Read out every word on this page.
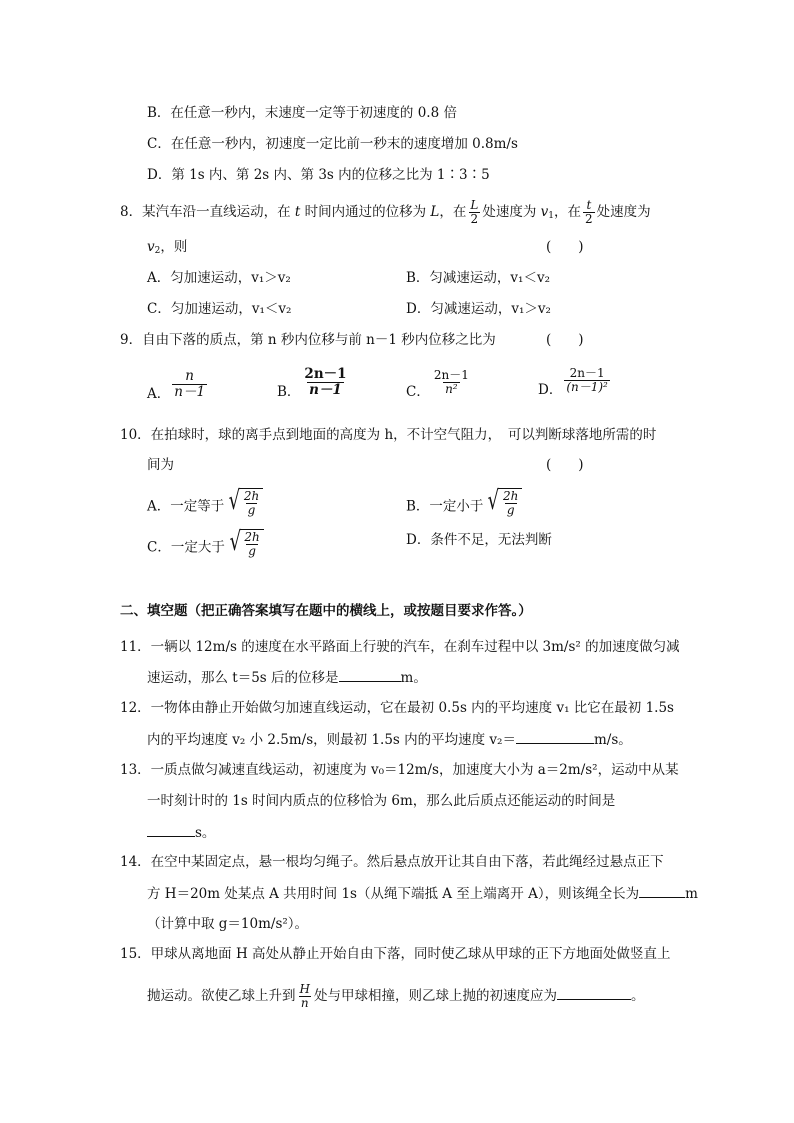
B．在任意一秒内，末速度一定等于初速度的 0.8 倍
C．在任意一秒内，初速度一定比前一秒末的速度增加 0.8m/s
D．第 1s 内、第 2s 内、第 3s 内的位移之比为 1∶3∶5
8．某汽车沿一直线运动，在 t 时间内通过的位移为 L，在 $\frac{L}{2}$ 处速度为 $v_1$，在 $\frac{t}{2}$ 处速度为
$v_2$，则	(　　)
A．匀加速运动，v₁＞v₂	B．匀减速运动，v₁＜v₂
C．匀加速运动，v₁＜v₂	D．匀减速运动，v₁＞v₂
9．自由下落的质点，第 n 秒内位移与前 n－1 秒内位移之比为	(　　)
A． $\frac{n}{n-1}$	B． $\frac{2n-1}{n-1}$	C． $\frac{2n-1}{\text{n²}}$	D． $\frac{2n-1}{\text{(n－1)²}}$
10．在拍球时，球的离手点到地面的高度为 h，不计空气阻力，　可以判断球落地所需的时
间为	(　　)
A．一定等于 √ $\frac{2h}{g}$	B．一定小于 √ $\frac{2h}{g}$
C．一定大于 √ $\frac{2h}{g}$	D．条件不足，无法判断
二、填空题（把正确答案填写在题中的横线上，或按题目要求作答。）
11．一辆以 12m/s 的速度在水平路面上行驶的汽车，在刹车过程中以 3m/s² 的加速度做匀减
速运动，那么 t＝5s 后的位移是	m。
12．一物体由静止开始做匀加速直线运动，它在最初 0.5s 内的平均速度 v₁ 比它在最初 1.5s
内的平均速度 v₂ 小 2.5m/s，则最初 1.5s 内的平均速度 v₂＝	m/s。
13．一质点做匀减速直线运动，初速度为 v₀＝12m/s，加速度大小为 a＝2m/s²，运动中从某
一时刻计时的 1s 时间内质点的位移恰为 6m，那么此后质点还能运动的时间是
s。
14．在空中某固定点，悬一根均匀绳子。然后悬点放开让其自由下落，若此绳经过悬点正下
方 H＝20m 处某点 A 共用时间 1s（从绳下端抵 A 至上端离开 A），则该绳全长为	m
（计算中取 g＝10m/s²）。
15．甲球从离地面 H 高处从静止开始自由下落，同时使乙球从甲球的正下方地面处做竖直上
抛运动。欲使乙球上升到 $\frac{H}{n}$ 处与甲球相撞，则乙球上抛的初速度应为	。
